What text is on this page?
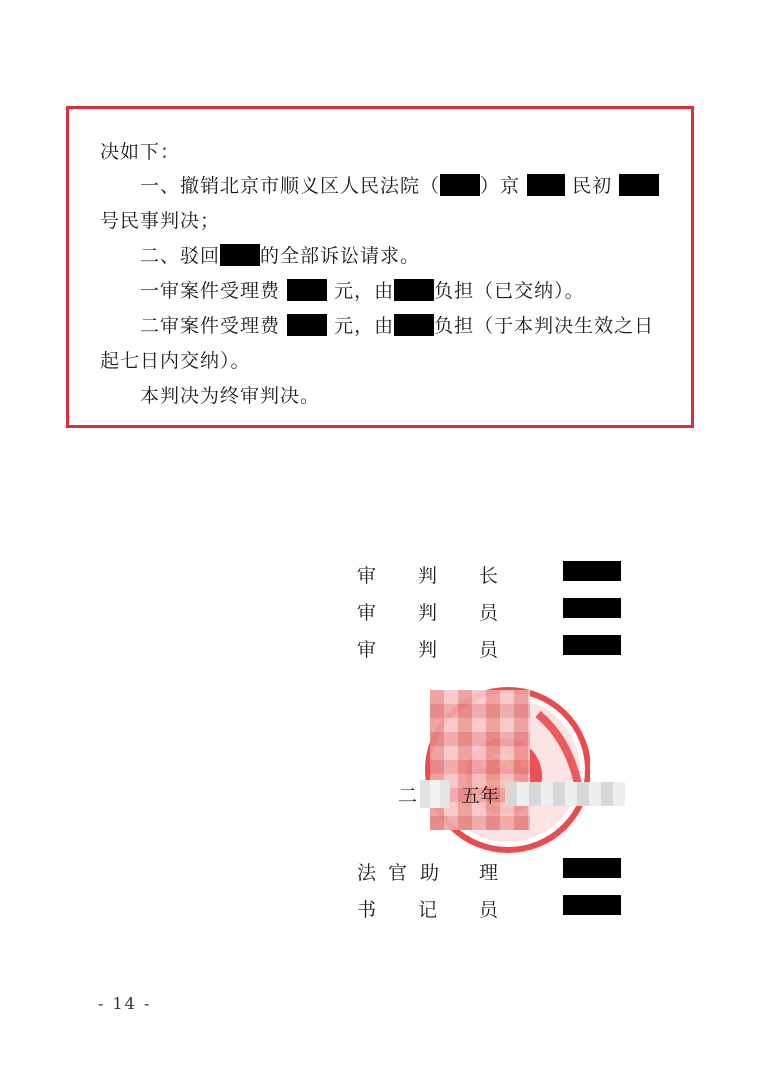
决如下：
一、撤销北京市顺义区人民法院（ ）京	民初
号民事判决；
二、驳回 的全部诉讼请求。
一审案件受理费	元，由 负担（已交纳）。
二审案件受理费	元，由 负担（于本判决生效之日
起七日内交纳）。
本判决为终审判决。
审 判 长
审 判 员
审 判 员
二 五年
法 官 助 理
书 记 员
- 14 -
